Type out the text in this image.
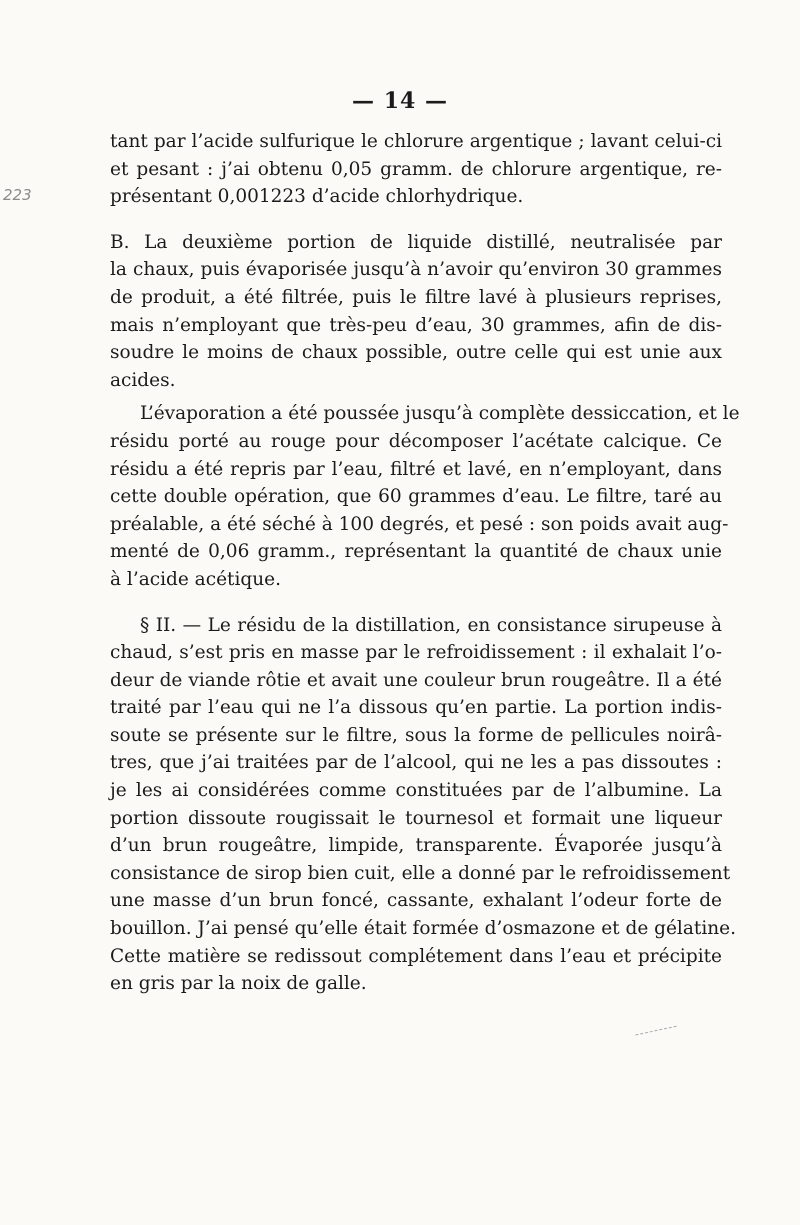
— 14 —
223

tant par l’acide sulfurique le chlorure argentique ; lavant celui-ci
et pesant : j’ai obtenu 0,05 gramm. de chlorure argentique, re-
présentant 0,001223 d’acide chlorhydrique.

B. La deuxième portion de liquide distillé, neutralisée par
la chaux, puis évaporisée jusqu’à n’avoir qu’environ 30 grammes
de produit, a été filtrée, puis le filtre lavé à plusieurs reprises,
mais n’employant que très-peu d’eau, 30 grammes, afin de dis-
soudre le moins de chaux possible, outre celle qui est unie aux
acides.

L’évaporation a été poussée jusqu’à complète dessiccation, et le
résidu porté au rouge pour décomposer l’acétate calcique. Ce
résidu a été repris par l’eau, filtré et lavé, en n’employant, dans
cette double opération, que 60 grammes d’eau. Le filtre, taré au
préalable, a été séché à 100 degrés, et pesé : son poids avait aug-
menté de 0,06 gramm., représentant la quantité de chaux unie
à l’acide acétique.

§ II. — Le résidu de la distillation, en consistance sirupeuse à
chaud, s’est pris en masse par le refroidissement : il exhalait l’o-
deur de viande rôtie et avait une couleur brun rougeâtre. Il a été
traité par l’eau qui ne l’a dissous qu’en partie. La portion indis-
soute se présente sur le filtre, sous la forme de pellicules noirâ-
tres, que j’ai traitées par de l’alcool, qui ne les a pas dissoutes :
je les ai considérées comme constituées par de l’albumine. La
portion dissoute rougissait le tournesol et formait une liqueur
d’un brun rougeâtre, limpide, transparente. Évaporée jusqu’à
consistance de sirop bien cuit, elle a donné par le refroidissement
une masse d’un brun foncé, cassante, exhalant l’odeur forte de
bouillon. J’ai pensé qu’elle était formée d’osmazone et de gélatine.
Cette matière se redissout complétement dans l’eau et précipite
en gris par la noix de galle.
